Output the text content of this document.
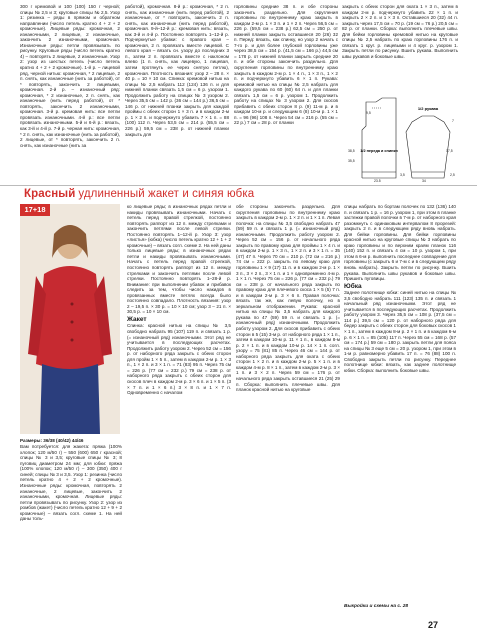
300 г кремовой и 100 (100) 150 г черной; спицы № 2,5 и 3; круговые спицы № 2,5. Узор 1: резинка – ряды в прямом и обратном направлении (число петель кратно 4 + 2 + 2 кромочные). Лицевые ряды: кромочная, 2 изнаночными, 2 лицевые, 2 изнаночные, закончить 2 изнаночными, кромочная. Изнаночные ряды: петли провязывать по рисунку. Круговые ряды (число петель кратно 4) – повторять 2 лицевые, 2 изнаночные. Узор 2: узор из шестых петель (число петель кратно 4 + 2 + 2 кромочные). 1-й р. – лицевой ряд, черной нитью: кромочная, * 2 лицевые, 2 п. снять, как изнаночные (нить за работой), от * повторять, закончить 2 лицевыми, кромочная. 2-й р. – изнаночный ряд: кромочная, * 2 изнаночные, 2 п. снять, как изнаночные (нить перед работой), от * повторять, закончить 2 изнаночными, кромочная. 3-й р. кремовая нить: все петли провязать изнаночными. 4-й р.: все петли провязать изнаночными. 5-й и 6-й р.: вязать, как 3-й и 4-й р. 7-й р. черная нить: кромочная, * 2 п. снять, как изнаночные (нить за работой), 2 лицевые, от * повторять, закончить 2 п. снять, как изнаночные (нить за

работой), кромочная. 8-й р.: кромочная, * 2 п. снять, как изнаночные (нить перед работой), 2 изнаночные, от * повторить, закончить 2 п. снять, как изнаночные (нить перед работой), кромочная. 9-й–12-й р.: кремовая нить: вязать, как 3-й и 4-й р. Постоянно повторять 1–12-й р. Подчеркнутые убавки: с правого края – кромочная, 2 п. провязать вместе лицевой. С левого края – вязать сн. узору до последних 3 п., затем 2 п. провязать вместе с наклоном влево (1 п. снять, как лицевую, 1 лицевая, затем протянуть ее через снятую петлю), кромочная. Плотность вязания: узор 2 – 28 п. × 40 р. = 10 × 10 см. Спинка: кремовой нитью на спицы № 2,5 набрать 112 (124) 136 п. и для нижней планки связать 1,5 см = 6 р. узором 1. Продолжить работу на спицах № 3 узором 2. Через 35,5 см = 142 р. (36 см = 144 р.) 36,5 см = 146 р. от нижней планки закрыть для каждой проймы с обеих сторон 1 × 3 п. и в каждом 2-м р. 1 × 2 п. и подчеркнуто убавить 7 × 1 п. = 88 (100) 112 п. Через 53,5 см = 214 р. (55,5 см = 226 р.) 59,5 см = 238 р. от нижней планки закрыть для

горловины средние 38 п. и обе стороны закончить раздельно. Для скругления горловины по внутреннему краю закрыть в каждом 2-м р. 1 × 3 п. и 1 × 2 п. Через 56,5 см = 226 р. (59,5 см = 238 р.) 62,5 см = 250 р. от нижней планки закрыть оставшиеся 20 (26) 32 п. Перед: вязать, как спинку, но узор 2 начать с 7-го р. и для более глубокой горловины уже через 38,5 см = 154 р. (41,5 см = 166 р.) 44,5 см = 178 р. от нижней планки закрыть средние 20 п. и обе стороны закончить раздельно. Для скругления горловины по внутреннему краю закрыть в каждом 2-м р. 1 × 4 п., 1 × 3 п., 1 × 2 п. и подчеркнуто убавить 6 × 1 п. Рукава: кремовой нитью на спицы № 2,5 набрать для каждого рукава по 60 (60) 64 п. и для планки связать 1,5 см = 6 р. узором 1. Продолжить работу на спицах № 3 узором 2. Для скосов прибавить с обеих сторон 8 р. (9) 11-м р. и в каждом 10-м р. и следующим 6 (8) 10-м р. 1 × 1 п. = 96 (96) 108 п. Через 54 см = 216 р. (55 см = 22 р.) 7 см = 28 р. от планки

закрыть с обеих сторон для оката 1 × 3 п., затем в каждом 2-м р. подчеркнуто убавить 22 × 1 п. и закрыть 2 × 2 п. и 1 × 3 п. Оставшиеся 20 (32) 44 п. закрыть через 17,5 см = 70 р. (19 см = 76 р.) 20,5 см = 82 р. от планки. Сборка: выполнить плечевые швы. Для бейки горловины кремовой нитью на круговые спицы № 2,5 набрать по краю горловины 176 п. и связать 1 круг. р. лицевыми и 4 круг. р. узором 1. Закрыть петли по рисунку. Вшить рукава. Выполнить швы рукавов и боковые швы.

1/2 переда и спинки
1/2 рукава
38,5
35,5
9,5
17,5
7
3,5
23,5	34
2,5
Красный удлиненный жакет и синяя юбка
17+18

Размеры: 36/38 (40/42) 44/46

Вам потребуется: для жакета: пряжа (100% хлопок; 120 м/50 г) – 550 (600) 650 г красной; спицы № 3 и 3,5; круговые спицы № 3; 8 пуговиц диаметром 24 мм; для юбки: пряжа (100% хлопок; 120 м/50 г) – 300 (350) 400 г синей; спицы № 3 и 3,5. Узор 1: резинка (число петель кратно 4 + 2 + 2 кромочные). Изнаночные ряды: кромочная, повторять 2 изнаночные, 2 лицевые, закончить 2 изнаночными, кромочная. Лицевые ряды: петли провязывать по рисунку. Узор 2: узор из ромбов (жакет) (число петель кратно 12 + 9 + 2 кромочные) – вязать согл. схеме 1. На ней даны толь-

ко лицевые ряды; в изнаночных рядах петли и накиды провязывать изнаночными. Начать с петель перед правой стрелкой, постоянно повторять раппорт из 12 п. между стрелками и закончить петлями после левой стрелки. Постоянно повторять 1–12-й р. Узор 3: узор «листья» (юбка) (число петель кратно 12 + 1 + 2 кромочные) – вязать согл. схеме 2. На ней даны только лицевые ряды; в изнаночных рядах петли и накиды провязывать изнаночными. Начать с петель перед правой стрелкой, постоянно повторять раппорт из 12 п. между стрелками и закончить петлями после левой стрелки. Постоянно повторять 1–28-й р. Внимание: при выполнении убавок и прибавок следить за тем, чтобы число накидов в провязанных вместе петлях всегда было постоянно совпадало. Плотность вязания: узор 2 – 19,5 п. × 30 р. = 10 × 10 см; узор 3 – 21 п. × 30,5 р. = 10 × 10 см.

Жакет

Спинка: красной нитью на спицы № 3,5 свободно набрать 95 (107) 119 п. и связать 1 р. (= изнаночный ряд) изнаночными. Этот ряд не учитывается в последующих расчетах. Продолжить работу узором 2. Через 52 см = 156 р. от наборного ряда закрыть с обеих сторон для пройм 1 × 5 п., затем в каждом 2-м р. 1 × 3 п., 1 × 2 п. и 3 × 1 п. = 71 (83) 95 п. Через 75 см = 226 р. (77 см = 232 р.) 79 см = 238 р. от наборного ряда закрыть с обеих сторон для скосов плеч в каждом 2-м р. 3 × 6 п. и 1 × 5 п. (3 × 7 п. и 1 × 6 п.) 3 × 8 п. и 1 × 7 п. Одновременно с началом

обе стороны закончить раздельно. Для скругления горловины по внутреннему краю закрыть в каждом 2-м р. 1 × 2 п. и 1 × 1 п. Левая полочка: на спицы № 3,5 свободно набрать 47 (59) 59 п. и связать 1 р. (= изнаночный ряд) изнаночными. Продолжить работу узором 2. Через 52 см = 156 р. от начального ряда закрыть по правому краю для проймы 1 × 4 п. и в каждом 2-м р. 1 × 3 п., 1 × 2 п. и 3 × 1 п. = 35 (47) 47 п. Через 70 см = 210 р. (72 см = 216 р.) 74 см = 222 р. закрыть по левому краю для горловины 1 × 9 (17) 11 п. и в каждом 2-м р. 1 × 3 п., 3 × 2 п., 3 × 1 п. и 1 × одновременно 4-м р. 1 × 1 п. Через 75 см = 226 р. (77 см = 232 р.) 79 см = 238 р. от начального ряда закрыть по правому краю для плечевого скоса 1 × 5 (5) 7 п. и в каждом 2-м р. 3 × 6 п. Правая полочка: вязать так же, как левую полочку, но в зеркальном отображении. Рукава: красной нитью на спицы № 3,5 набрать для каждого рукава по 47 (59) 59 п. и связать 1 р. (= изнаночный ряд) изнаночными. Продолжить работу узором 2. Для скосов прибавить с обеих сторон в 5 (15) 3-м р. от наборного ряда 1 × 1 п., затем в каждом 10-м р. 11 × 1 п., в каждом 8-м р. 2 × 1 п. и в каждом 10-м р. 14 × 1 п. согл. узору = 75 (81) 85 п. Через 46 см = 144 р. от наборного ряда закрыть для оката с обеих сторон 1 × 2 п. и в каждом 2-м р. 5 × 1 п. и в каждом 4-м р. 8 × 1 п., затем в каждом 2-м р. 3 × 1 п. и 3 × 2 п. Через 59 см = 176 р. от начального ряда закрыть оставшиеся 21 (25) 29 п. Сборка: выполнить плечевые швы. Для планок красной нитью на круговые

спицы набрать по бортам полочек по 132 (136) 140 п. и связать 1 р. = 16 р. узором 1, при этом в планке застежки правой полочки в 7-м р. от наборного края разомкнуть с одинаковым интервалом 8 прорезей: закрыть 2 п. и в следующем ряду вновь набрать. Для бейки горловины. Для бейки горловины красной нитью на круговые спицы № 3 набрать по краю горловины и по верхним краям планок 116 (140) 152 п. и связать 4 см = 10 р. узором 1, при этом в 6-м р. выполнить последнее совпадение для горловины (с закрыть 6 и 7-м с и в следующем ряду вновь набрать). Закрыть петли по рисунку. Вшить рукава. Выполнить швы рукавов и боковые швы. Пришить пуговицы.

Юбка

Заднее полотнище юбки: синей нитью на спицы № 3,5 свободно набрать 111 (123) 135 п. и связать 1 начальный ряд изнаночными. Этот ряд не учитывается в последующих расчетах. Продолжить работу узором 3. Через 35,5 см = 108 р. (37,5 см = 114 р.) 39,5 см = 120 р. от наборного ряда для бедер закрыть с обеих сторон для боковых скосов 1 × 1 п., затем в каждом 8-м р. 2 × 1 п. и в каждом 6-м р. 6 × 1 п. = 85 (105) 117 п. Через 55 см = 168 р. (57 см = 174 р.) 59 см = 180 р. закрыть петли для пояса на спицы № 3 еще 5 см = 20 р. узором 1, при этом в 1-м р. равномерно убавить 17 п. = 76 (88) 100 п. Свободно закрыть петли по рисунку. Переднее полотнище юбки: вязать, как заднее полотнище юбки. Сборка: выполнить боковые швы.

Выкройки и схемы на с. 28
27
